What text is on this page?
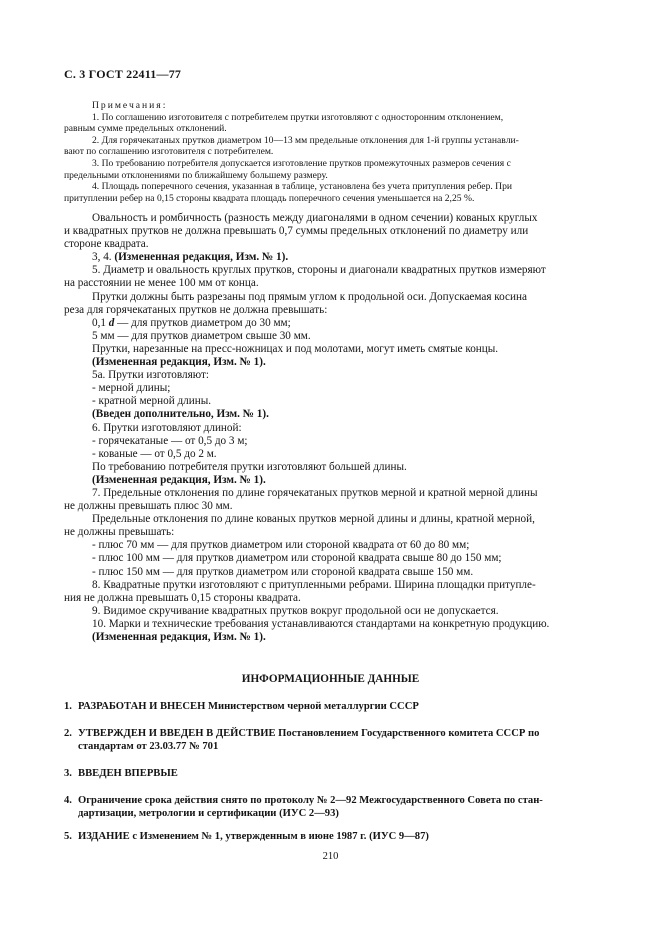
С. 3 ГОСТ 22411—77

Примечания:

1. По соглашению изготовителя с потребителем прутки изготовляют с односторонним отклонением,

равным сумме предельных отклонений.

2. Для горячекатаных прутков диаметром 10—13 мм предельные отклонения для 1-й группы устанавли-

вают по соглашению изготовителя с потребителем.

3. По требованию потребителя допускается изготовление прутков промежуточных размеров сечения с

предельными отклонениями по ближайшему большему размеру.

4. Площадь поперечного сечения, указанная в таблице, установлена без учета притупления ребер. При

притуплении ребер на 0,15 стороны квадрата площадь поперечного сечения уменьшается на 2,25 %.

Овальность и ромбичность (разность между диагоналями в одном сечении) кованых круглых

и квадратных прутков не должна превышать 0,7 суммы предельных отклонений по диаметру или

стороне квадрата.

3, 4. (Измененная редакция, Изм. № 1).

5. Диаметр и овальность круглых прутков, стороны и диагонали квадратных прутков измеряют

на расстоянии не менее 100 мм от конца.

Прутки должны быть разрезаны под прямым углом к продольной оси. Допускаемая косина

реза для горячекатаных прутков не должна превышать:

0,1 d — для прутков диаметром до 30 мм;

5 мм — для прутков диаметром свыше 30 мм.

Прутки, нарезанные на пресс-ножницах и под молотами, могут иметь смятые концы.

(Измененная редакция, Изм. № 1).

5а. Прутки изготовляют:

- мерной длины;

- кратной мерной длины.

(Введен дополнительно, Изм. № 1).

6. Прутки изготовляют длиной:

- горячекатаные — от 0,5 до 3 м;

- кованые — от 0,5 до 2 м.

По требованию потребителя прутки изготовляют большей длины.

(Измененная редакция, Изм. № 1).

7. Предельные отклонения по длине горячекатаных прутков мерной и кратной мерной длины

не должны превышать плюс 30 мм.

Предельные отклонения по длине кованых прутков мерной длины и длины, кратной мерной,

не должны превышать:

- плюс 70 мм — для прутков диаметром или стороной квадрата от 60 до 80 мм;

- плюс 100 мм — для прутков диаметром или стороной квадрата свыше 80 до 150 мм;

- плюс 150 мм — для прутков диаметром или стороной квадрата свыше 150 мм.

8. Квадратные прутки изготовляют с притупленными ребрами. Ширина площадки притупле-

ния не должна превышать 0,15 стороны квадрата.

9. Видимое скручивание квадратных прутков вокруг продольной оси не допускается.

10. Марки и технические требования устанавливаются стандартами на конкретную продукцию.

(Измененная редакция, Изм. № 1).

ИНФОРМАЦИОННЫЕ ДАННЫЕ
1. РАЗРАБОТАН И ВНЕСЕН Министерством черной металлургии СССР
2. УТВЕРЖДЕН И ВВЕДЕН В ДЕЙСТВИЕ Постановлением Государственного комитета СССР по
стандартам от 23.03.77 № 701
3. ВВЕДЕН ВПЕРВЫЕ
4. Ограничение срока действия снято по протоколу № 2—92 Межгосударственного Совета по стан-
дартизации, метрологии и сертификации (ИУС 2—93)
5. ИЗДАНИЕ с Изменением № 1, утвержденным в июне 1987 г. (ИУС 9—87)
210
